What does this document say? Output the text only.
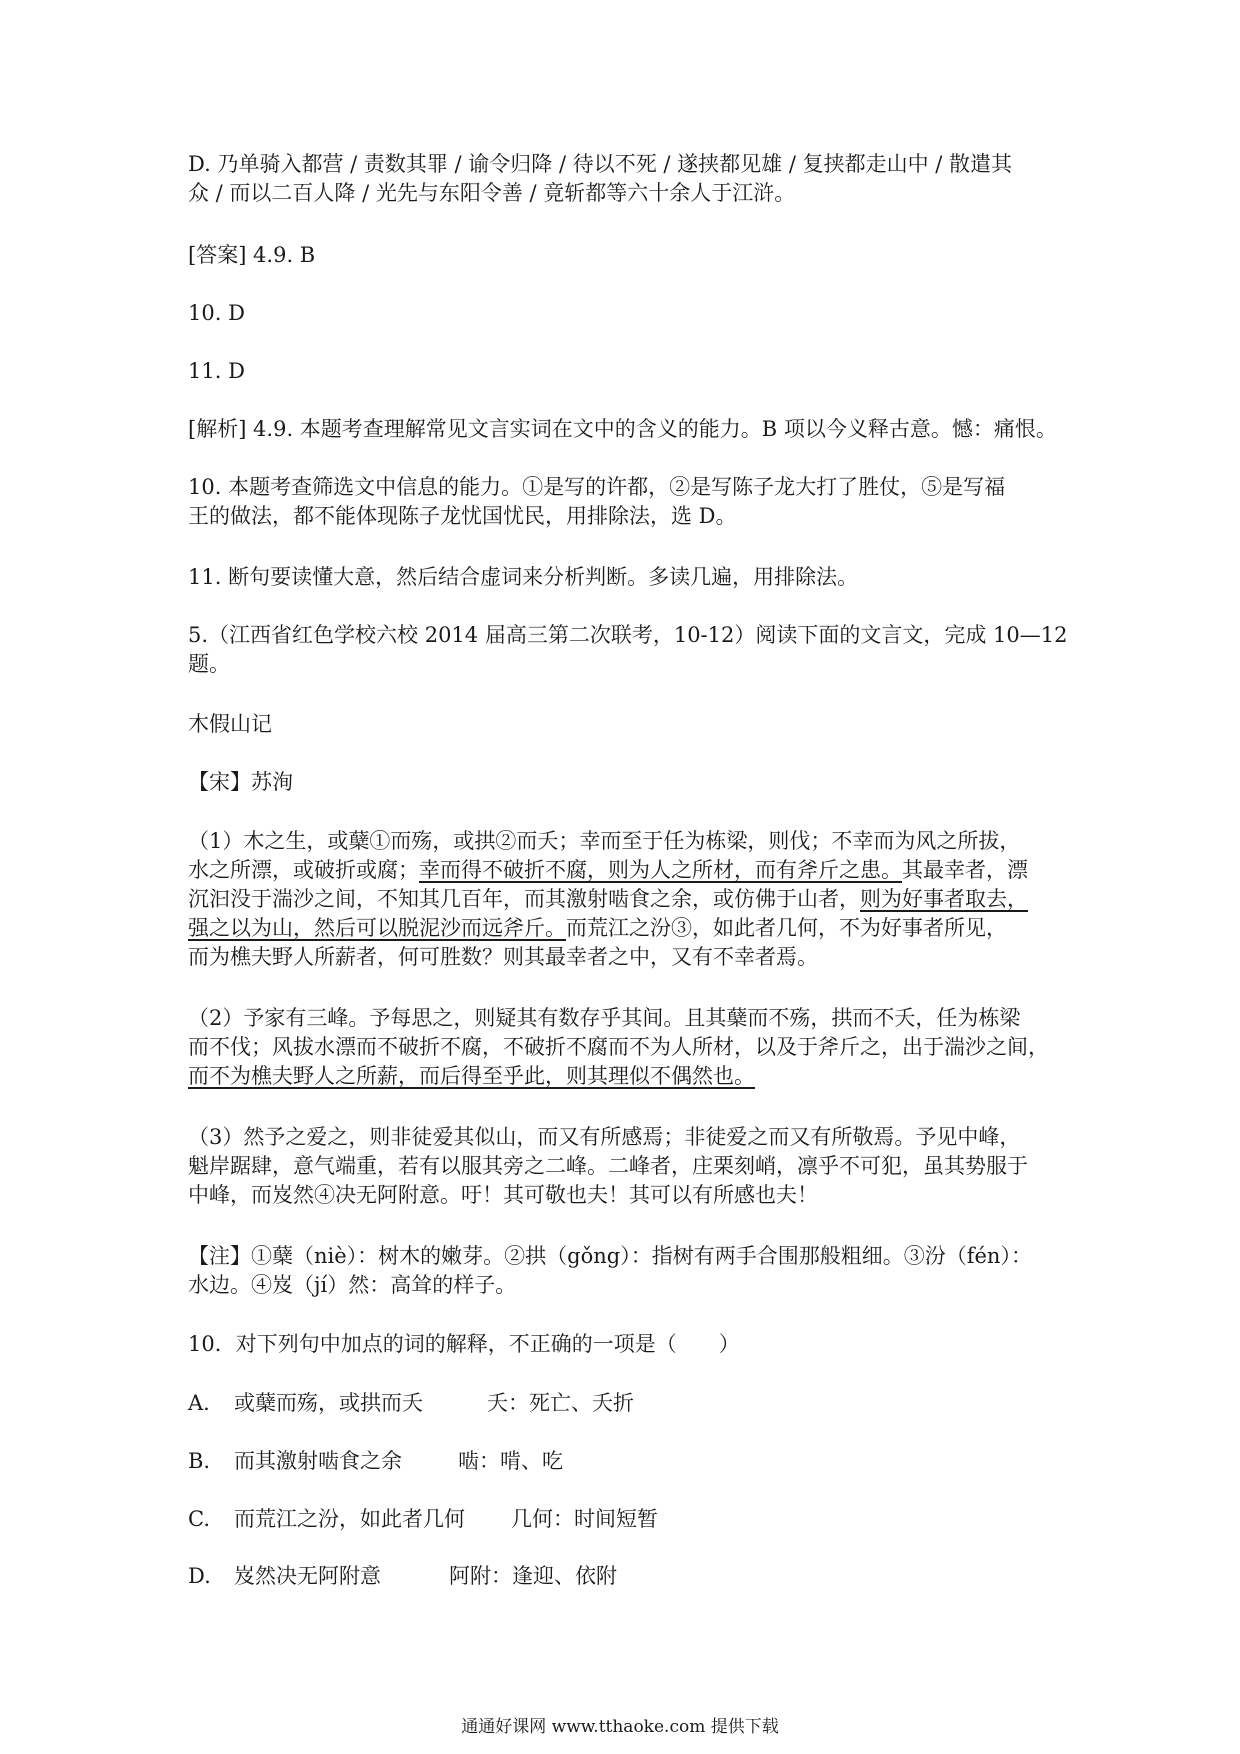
D. 乃单骑入都营 / 责数其罪 / 谕令归降 / 待以不死 / 遂挟都见雄 / 复挟都走山中 / 散遣其
众 / 而以二百人降 / 光先与东阳令善 / 竟斩都等六十余人于江浒。
[答案] 4.9. B
10. D
11. D
[解析] 4.9. 本题考查理解常见文言实词在文中的含义的能力。B 项以今义释古意。憾：痛恨。
10. 本题考查筛选文中信息的能力。①是写的许都，②是写陈子龙大打了胜仗，⑤是写福
王的做法，都不能体现陈子龙忧国忧民，用排除法，选 D。
11. 断句要读懂大意，然后结合虚词来分析判断。多读几遍，用排除法。
5.（江西省红色学校六校 2014 届高三第二次联考，10-12）阅读下面的文言文，完成 10—12
题。
木假山记
【宋】苏洵
（1）木之生，或蘖①而殇，或拱②而夭；幸而至于任为栋梁，则伐；不幸而为风之所拔，
水之所漂，或破折或腐；幸而得不破折不腐，则为人之所材，而有斧斤之患。其最幸者，漂
沉汩没于湍沙之间，不知其几百年，而其激射啮食之余，或仿佛于山者，则为好事者取去，
强之以为山，然后可以脱泥沙而远斧斤。而荒江之汾③，如此者几何，不为好事者所见，
而为樵夫野人所薪者，何可胜数？则其最幸者之中，又有不幸者焉。
（2）予家有三峰。予每思之，则疑其有数存乎其间。且其蘖而不殇，拱而不夭，任为栋梁
而不伐；风拔水漂而不破折不腐，不破折不腐而不为人所材，以及于斧斤之，出于湍沙之间，
而不为樵夫野人之所薪，而后得至乎此，则其理似不偶然也。
（3）然予之爱之，则非徒爱其似山，而又有所感焉；非徒爱之而又有所敬焉。予见中峰，
魁岸踞肆，意气端重，若有以服其旁之二峰。二峰者，庄栗刻峭，凛乎不可犯，虽其势服于
中峰，而岌然④决无阿附意。吁！其可敬也夫！其可以有所感也夫！
【注】①蘖（niè）：树木的嫩芽。②拱（gǒng）：指树有两手合围那般粗细。③汾（fén）：
水边。④岌（jí）然：高耸的样子。
10．对下列句中加点的词的解释，不正确的一项是（　　）
A. 或蘖而殇，或拱而夭	夭：死亡、夭折
B. 而其激射啮食之余	啮：啃、吃
C. 而荒江之汾，如此者几何 几何：时间短暂
D. 岌然决无阿附意	阿附：逢迎、依附
通通好课网 www.tthaoke.com 提供下载
